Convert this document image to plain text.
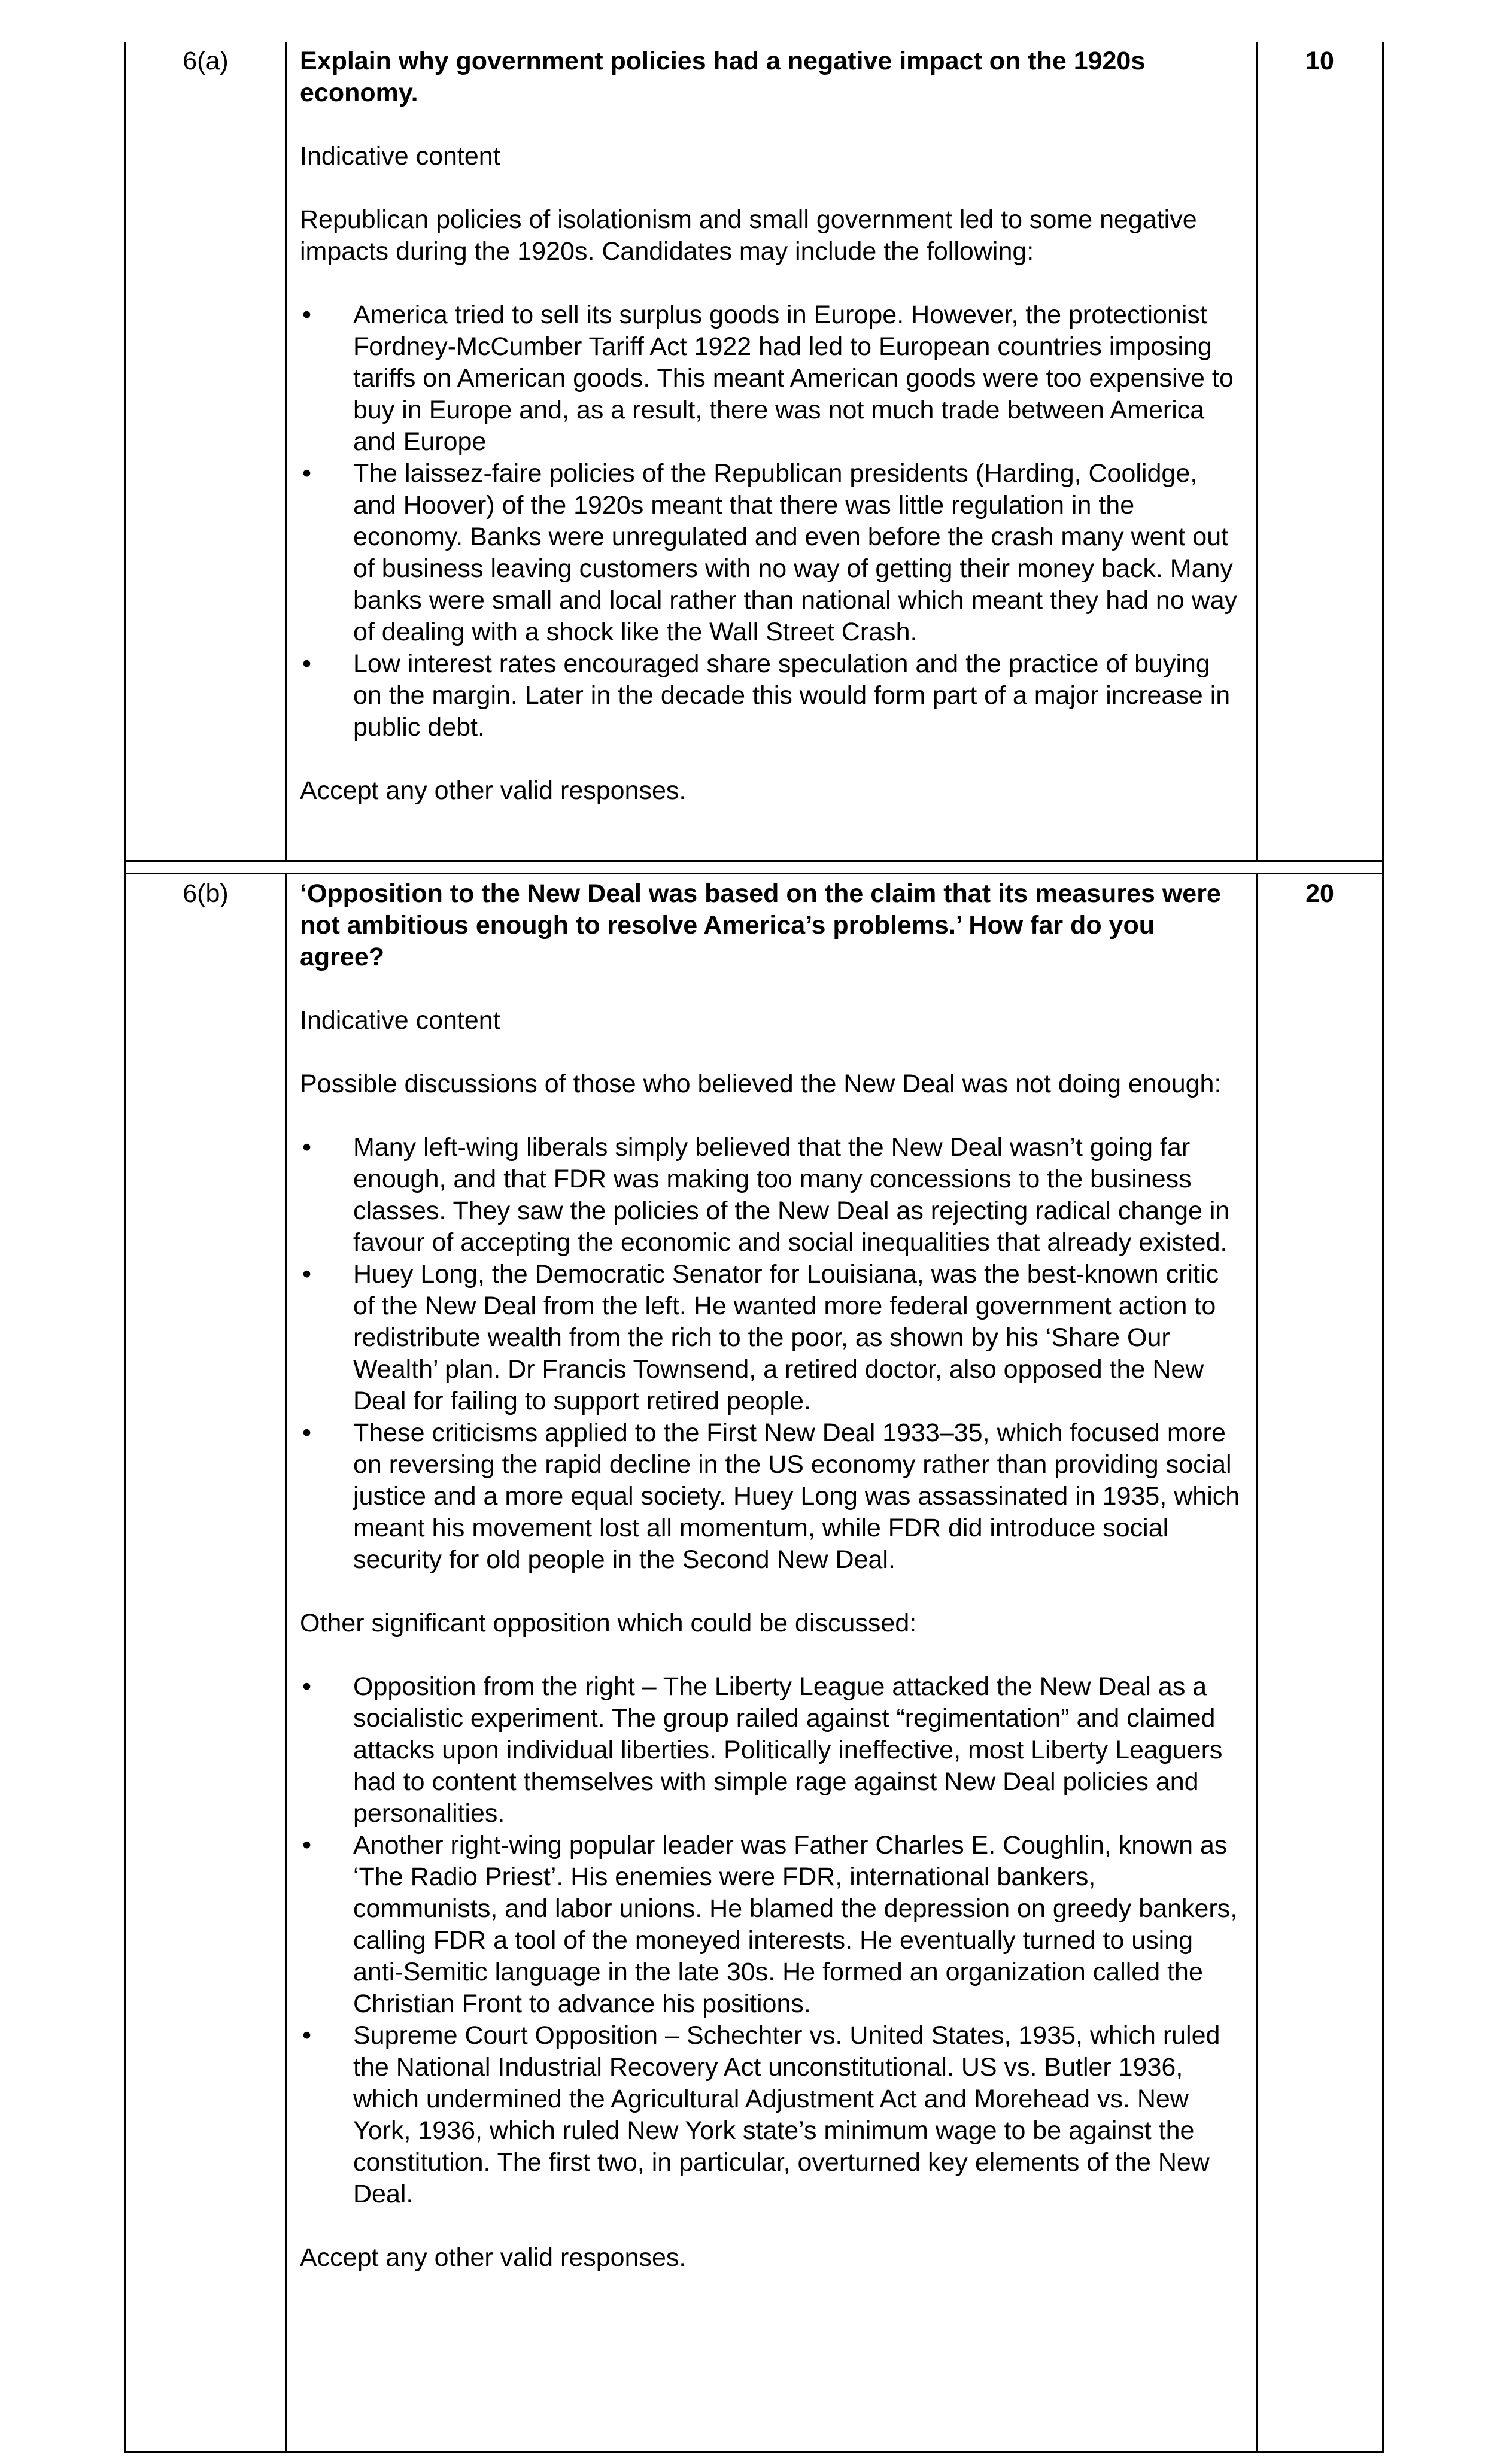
6(a)	Explain why government policies had a negative impact on the 1920s economy.

Indicative content

Republican policies of isolationism and small government led to some negative impacts during the 1920s. Candidates may include the following:

• America tried to sell its surplus goods in Europe. However, the protectionist Fordney-McCumber Tariff Act 1922 had led to European countries imposing tariffs on American goods. This meant American goods were too expensive to buy in Europe and, as a result, there was not much trade between America and Europe
• The laissez-faire policies of the Republican presidents (Harding, Coolidge, and Hoover) of the 1920s meant that there was little regulation in the economy. Banks were unregulated and even before the crash many went out of business leaving customers with no way of getting their money back. Many banks were small and local rather than national which meant they had no way of dealing with a shock like the Wall Street Crash.
• Low interest rates encouraged share speculation and the practice of buying on the margin. Later in the decade this would form part of a major increase in public debt.

Accept any other valid responses.

10
6(b)	‘Opposition to the New Deal was based on the claim that its measures were not ambitious enough to resolve America’s problems.’ How far do you agree?

Indicative content

Possible discussions of those who believed the New Deal was not doing enough:

• Many left-wing liberals simply believed that the New Deal wasn’t going far enough, and that FDR was making too many concessions to the business classes. They saw the policies of the New Deal as rejecting radical change in favour of accepting the economic and social inequalities that already existed.
• Huey Long, the Democratic Senator for Louisiana, was the best-known critic of the New Deal from the left. He wanted more federal government action to redistribute wealth from the rich to the poor, as shown by his ‘Share Our Wealth’ plan. Dr Francis Townsend, a retired doctor, also opposed the New Deal for failing to support retired people.
• These criticisms applied to the First New Deal 1933–35, which focused more on reversing the rapid decline in the US economy rather than providing social justice and a more equal society. Huey Long was assassinated in 1935, which meant his movement lost all momentum, while FDR did introduce social security for old people in the Second New Deal.

Other significant opposition which could be discussed:

• Opposition from the right – The Liberty League attacked the New Deal as a socialistic experiment. The group railed against “regimentation” and claimed attacks upon individual liberties. Politically ineffective, most Liberty Leaguers had to content themselves with simple rage against New Deal policies and personalities.
• Another right-wing popular leader was Father Charles E. Coughlin, known as ‘The Radio Priest’. His enemies were FDR, international bankers, communists, and labor unions. He blamed the depression on greedy bankers, calling FDR a tool of the moneyed interests. He eventually turned to using anti-Semitic language in the late 30s. He formed an organization called the Christian Front to advance his positions.
• Supreme Court Opposition – Schechter vs. United States, 1935, which ruled the National Industrial Recovery Act unconstitutional. US vs. Butler 1936, which undermined the Agricultural Adjustment Act and Morehead vs. New York, 1936, which ruled New York state’s minimum wage to be against the constitution. The first two, in particular, overturned key elements of the New Deal.

Accept any other valid responses.

20
